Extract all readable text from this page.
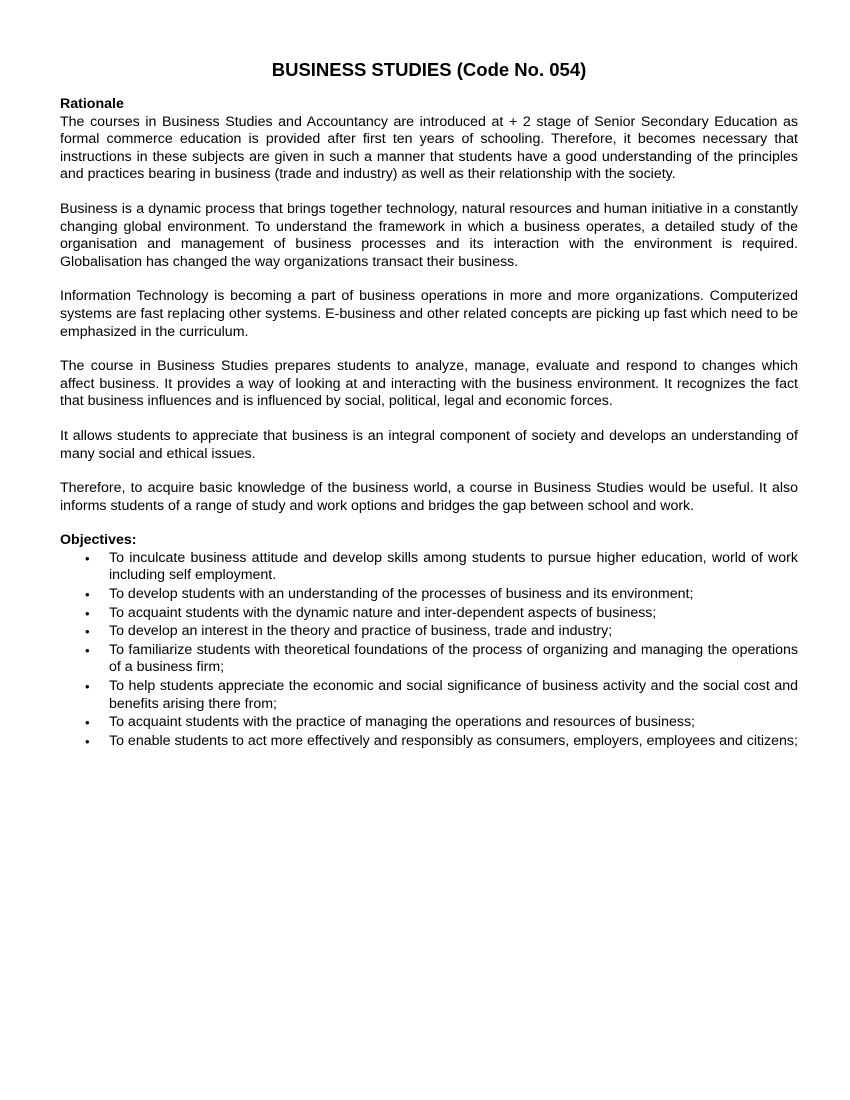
BUSINESS STUDIES (Code No. 054)

Rationale

The courses in Business Studies and Accountancy are introduced at + 2 stage of Senior Secondary Education as formal commerce education is provided after first ten years of schooling. Therefore, it becomes necessary that instructions in these subjects are given in such a manner that students have a good understanding of the principles and practices bearing in business (trade and industry) as well as their relationship with the society.

Business is a dynamic process that brings together technology, natural resources and human initiative in a constantly changing global environment. To understand the framework in which a business operates, a detailed study of the organisation and management of business processes and its interaction with the environment is required. Globalisation has changed the way organizations transact their business.

Information Technology is becoming a part of business operations in more and more organizations. Computerized systems are fast replacing other systems. E-business and other related concepts are picking up fast which need to be emphasized in the curriculum.

The course in Business Studies prepares students to analyze, manage, evaluate and respond to changes which affect business. It provides a way of looking at and interacting with the business environment. It recognizes the fact that business influences and is influenced by social, political, legal and economic forces.

It allows students to appreciate that business is an integral component of society and develops an understanding of many social and ethical issues.

Therefore, to acquire basic knowledge of the business world, a course in Business Studies would be useful. It also informs students of a range of study and work options and bridges the gap between school and work.

Objectives:

• To inculcate business attitude and develop skills among students to pursue higher education, world of work including self employment.
• To develop students with an understanding of the processes of business and its environment;
• To acquaint students with the dynamic nature and inter-dependent aspects of business;
• To develop an interest in the theory and practice of business, trade and industry;
• To familiarize students with theoretical foundations of the process of organizing and managing the operations of a business firm;
• To help students appreciate the economic and social significance of business activity and the social cost and benefits arising there from;
• To acquaint students with the practice of managing the operations and resources of business;
• To enable students to act more effectively and responsibly as consumers, employers, employees and citizens;
